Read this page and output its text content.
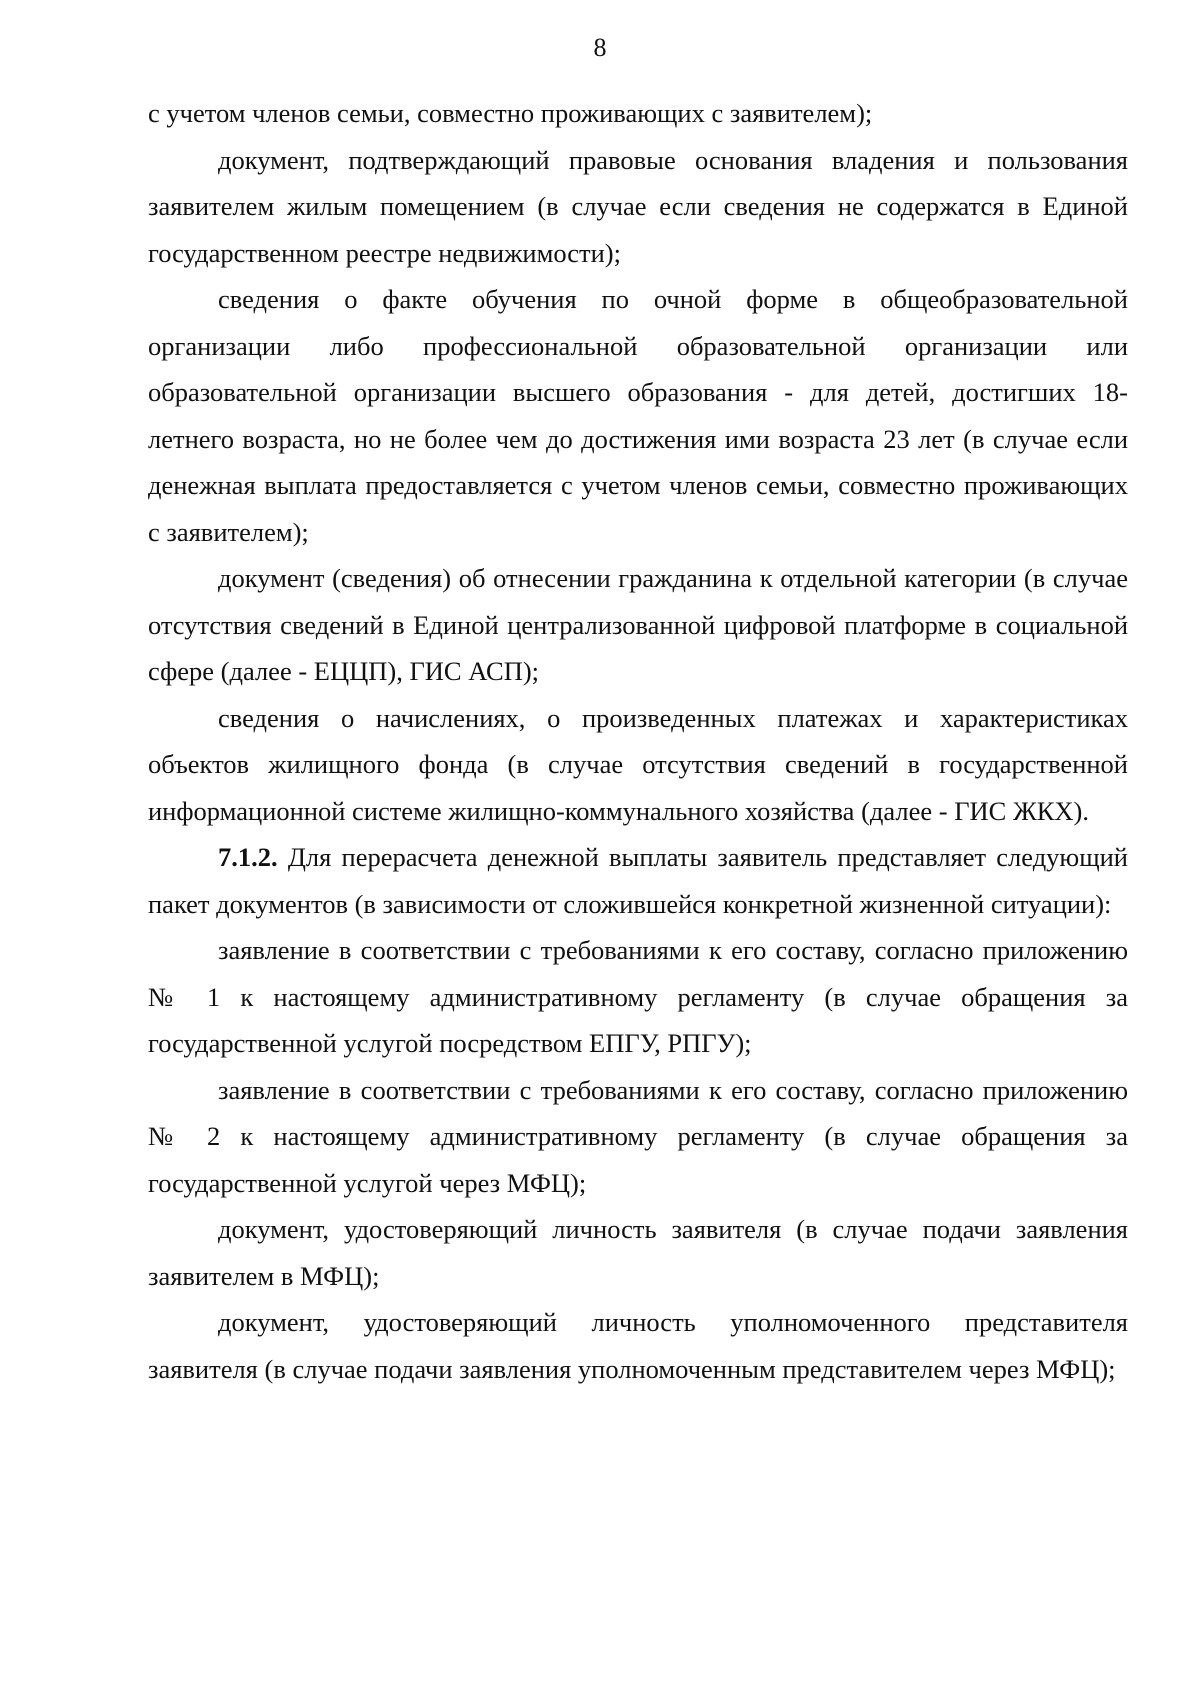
8

с учетом членов семьи, совместно проживающих с заявителем);

документ, подтверждающий правовые основания владения и пользования заявителем жилым помещением (в случае если сведения не содержатся в Единой государственном реестре недвижимости);

сведения о факте обучения по очной форме в общеобразовательной организации либо профессиональной образовательной организации или образовательной организации высшего образования - для детей, достигших 18-летнего возраста, но не более чем до достижения ими возраста 23 лет (в случае если денежная выплата предоставляется с учетом членов семьи, совместно проживающих с заявителем);

документ (сведения) об отнесении гражданина к отдельной категории (в случае отсутствия сведений в Единой централизованной цифровой платформе в социальной сфере (далее - ЕЦЦП), ГИС АСП);

сведения о начислениях, о произведенных платежах и характеристиках объектов жилищного фонда (в случае отсутствия сведений в государственной информационной системе жилищно-коммунального хозяйства (далее - ГИС ЖКХ).

7.1.2. Для перерасчета денежной выплаты заявитель представляет следующий пакет документов (в зависимости от сложившейся конкретной жизненной ситуации):

заявление в соответствии с требованиями к его составу, согласно приложению № 1 к настоящему административному регламенту (в случае обращения за государственной услугой посредством ЕПГУ, РПГУ);

заявление в соответствии с требованиями к его составу, согласно приложению № 2 к настоящему административному регламенту (в случае обращения за государственной услугой через МФЦ);

документ, удостоверяющий личность заявителя (в случае подачи заявления заявителем в МФЦ);

документ, удостоверяющий личность уполномоченного представителя заявителя (в случае подачи заявления уполномоченным представителем через МФЦ);
